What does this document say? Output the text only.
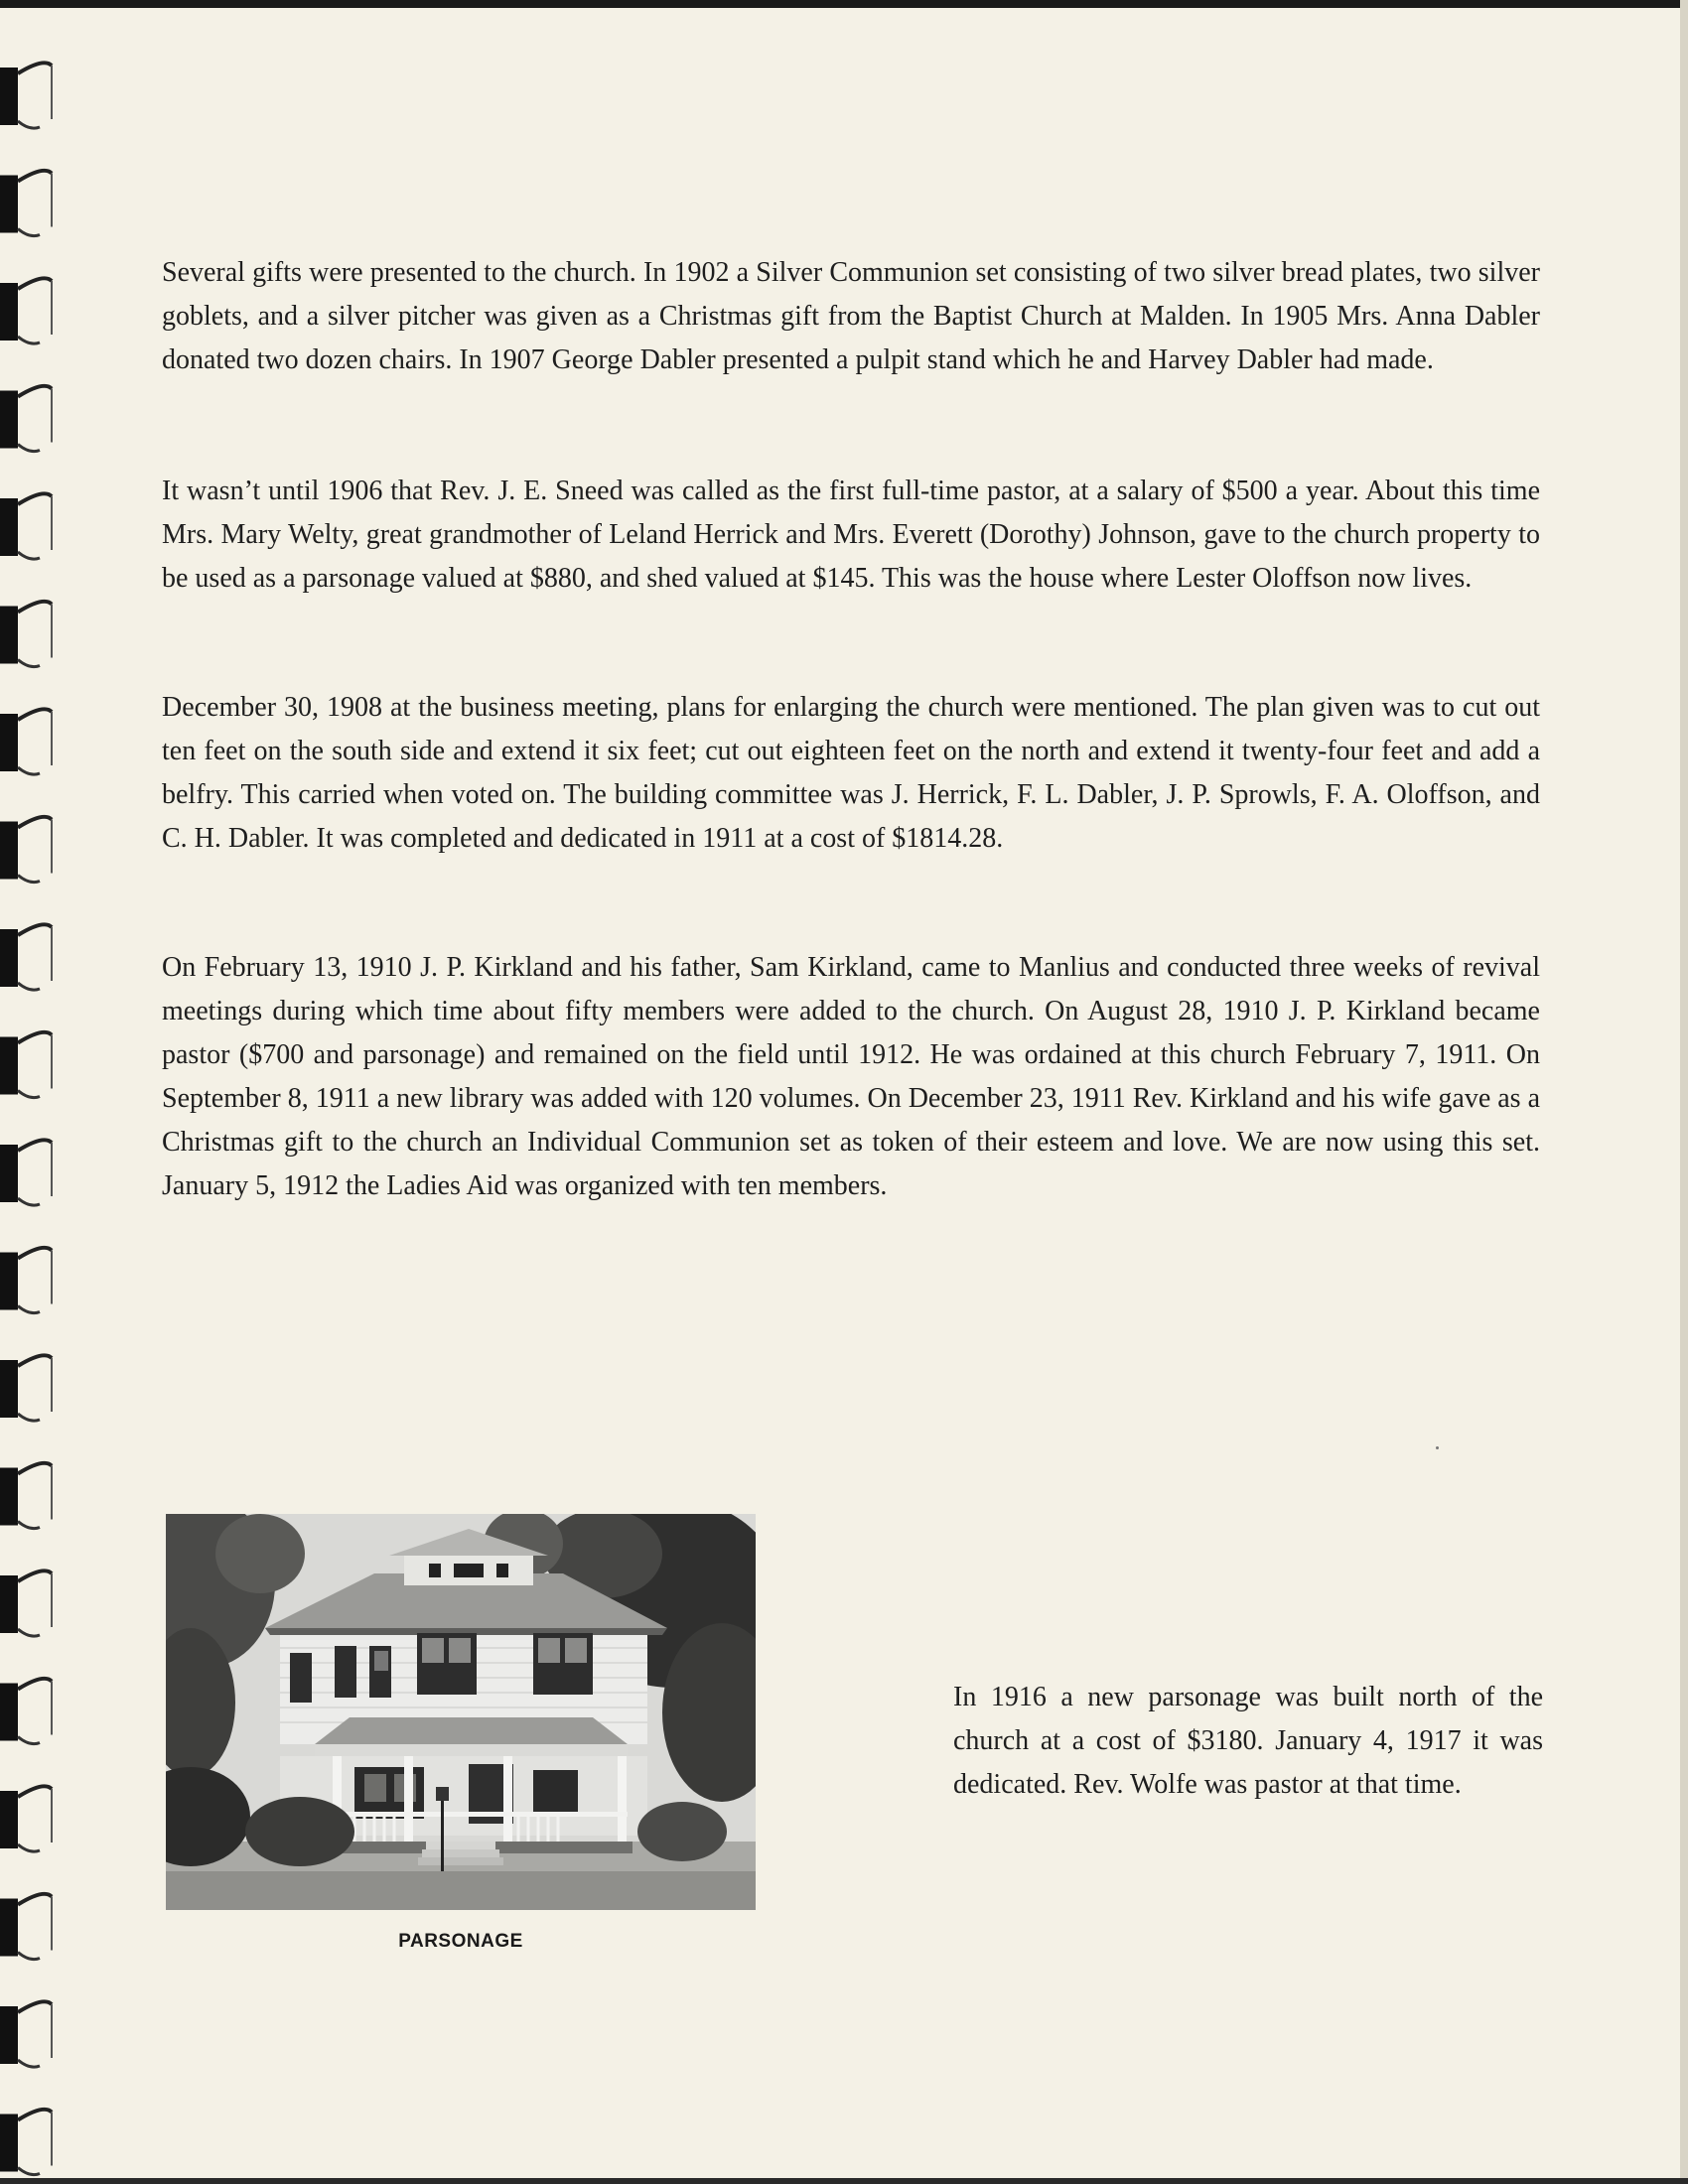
Several gifts were presented to the church. In 1902 a Silver Communion set consisting of two silver bread plates, two silver goblets, and a silver pitcher was given as a Christmas gift from the Baptist Church at Malden. In 1905 Mrs. Anna Dabler donated two dozen chairs. In 1907 George Dabler presented a pulpit stand which he and Harvey Dabler had made.

It wasn’t until 1906 that Rev. J. E. Sneed was called as the first full-time pastor, at a salary of $500 a year. About this time Mrs. Mary Welty, great grandmother of Leland Herrick and Mrs. Everett (Dorothy) Johnson, gave to the church property to be used as a parsonage valued at $880, and shed valued at $145. This was the house where Lester Oloffson now lives.

December 30, 1908 at the business meeting, plans for enlarging the church were mentioned. The plan given was to cut out ten feet on the south side and extend it six feet; cut out eighteen feet on the north and extend it twenty-four feet and add a belfry. This carried when voted on. The building committee was J. Herrick, F. L. Dabler, J. P. Sprowls, F. A. Oloffson, and C. H. Dabler. It was completed and dedicated in 1911 at a cost of $1814.28.

On February 13, 1910 J. P. Kirkland and his father, Sam Kirkland, came to Manlius and conducted three weeks of revival meetings during which time about fifty members were added to the church. On August 28, 1910 J. P. Kirkland became pastor ($700 and parsonage) and remained on the field until 1912. He was ordained at this church February 7, 1911. On September 8, 1911 a new library was added with 120 volumes. On December 23, 1911 Rev. Kirkland and his wife gave as a Christmas gift to the church an Individual Communion set as token of their esteem and love. We are now using this set. January 5, 1912 the Ladies Aid was organized with ten members.

PARSONAGE

In 1916 a new parsonage was built north of the church at a cost of $3180. January 4, 1917 it was dedicated. Rev. Wolfe was pastor at that time.
